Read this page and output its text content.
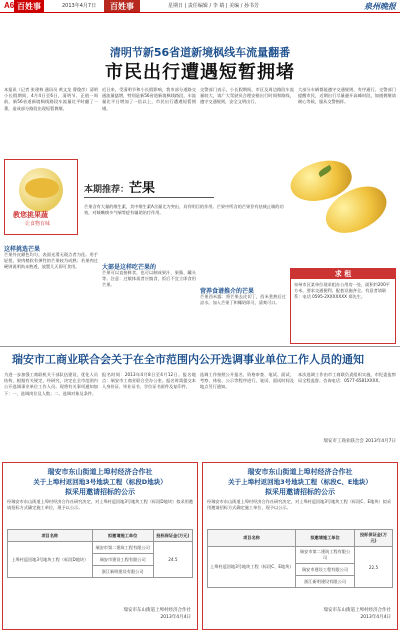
A6 百姓事	2013年4月7日	百姓事	星期日 | 责任编辑 / 李 婧 | 美编 / 孙书芳	泉州晚报
清明节新56省道新境枫线车流量翻番
市民出行遭遇短暂拥堵
本报讯（记者 张建林 通讯员 黄文龙 曹俊彦）清明小长假期间，4月4日至6日，清明节、正值一周前，新56省道新境枫线路段车流量比平时翻了一番，造成部分路段出现短暂拥堵。
近日来，受清明节和小长假影响，我市部分道路交通流量猛增，特别是新56省道新境枫线路段，车流量比平日增加了一倍以上，市民出行遭遇短暂拥堵。
交警部门表示，小长假期间，市区及周边路段车流量较大，请广大驾驶员合理安排出行时间和路线，遵守交通规则，安全文明出行。
大部分车辆都能遵守交通规则，有序通行。交警部门提醒市民，近期出行尽量避开高峰时段，如遇拥堵请耐心等候，服从交警指挥。
教您挑果蔬
让食物有味
本期推荐：芒果
芒果含有大量的维生素，其中维生素A含量尤为突出，具有明目的作用。芒果中所含的芒果苷有祛痰止咳的功效，对咳嗽痰多气喘等症有辅助治疗作用。
这样挑选芒果
芒果外皮颜色均匀，表面光滑无斑点者为佳。用手轻捏，果肉稍软有弹性的芒果较为成熟；若果肉过硬则说明尚未熟透，放置几天即可食用。	大部是这样吃芒果的
芒果可以直接鲜食，也可以制成果汁、果酱、罐头等。注意：过敏体质者应慎食，饭后不宜立即食用芒果。
营养食谱推介的芒果
芒果西米露：将芒果去皮切丁，西米煮熟后过凉水，加入芒果丁和椰奶即可，清爽可口。
求 租
泉州市区某单位现求租办公用房一处，面积约200平方米，要求交通便利，配套设施齐全。有意者请联系：电话 0595-2XXXXXXX 郑先生。
瑞安市工商业联合会关于在全市范围内公开选调事业单位工作人员的通知
为进一步加强工商联机关干部队伍建设，优化人员结构，根据有关规定，经研究，决定在全市范围内公开选调事业单位工作人员。现将有关事项通知如下：一、选调岗位及人数；二、选调对象及条件。
报名时间：2013年4月8日至4月12日。报名地点：瑞安市工商业联合会办公室。报名时需提交本人身份证、毕业证书、学位证书原件及复印件。
选调工作按照公开报名、资格审查、笔试、面试、考察、体检、公示等程序进行。笔试、面试时间及地点另行通知。
本次选调工作由市工商联负责组织实施，市纪委监察局全程监督。咨询电话：0577-6581XXXX。
瑞安市工商业联合会 2013年4月7日
瑞安市东山街道上埠村经济合作社
关于上埠村返回地3号地块工程（标段D地块）
拟采用邀请招标的公示
经瑞安市东山街道上埠村经济合作社研究决定，对上埠村返回地3号地块工程（标段D地块）拟采用邀请招标方式确定施工单位，现予以公示。
项目名称	拟邀请施工单位	投标保证金(万元)
上埠村返回地3号地块工程（标段D地块）	瑞安市第二建筑工程有限公司	24.5
	瑞安市建设工程有限公司	
	浙江新明建设有限公司	
瑞安市东山街道上埠村经济合作社
2013年4月4日
瑞安市东山街道上埠村经济合作社
关于上埠村返回地3号地块工程（标段C、E地块）
拟采用邀请招标的公示
经瑞安市东山街道上埠村经济合作社研究决定，对上埠村返回地3号地块工程（标段C、E地块）拟采用邀请招标方式确定施工单位，现予以公示。
项目名称	拟邀请施工单位	投标保证金(万元)
上埠村返回地3号地块工程（标段C、E地块）	瑞安市第二建筑工程有限公司	22.5
	瑞安市建设工程有限公司	
	浙江新明建设有限公司	
瑞安市东山街道上埠村经济合作社
2013年4月4日
